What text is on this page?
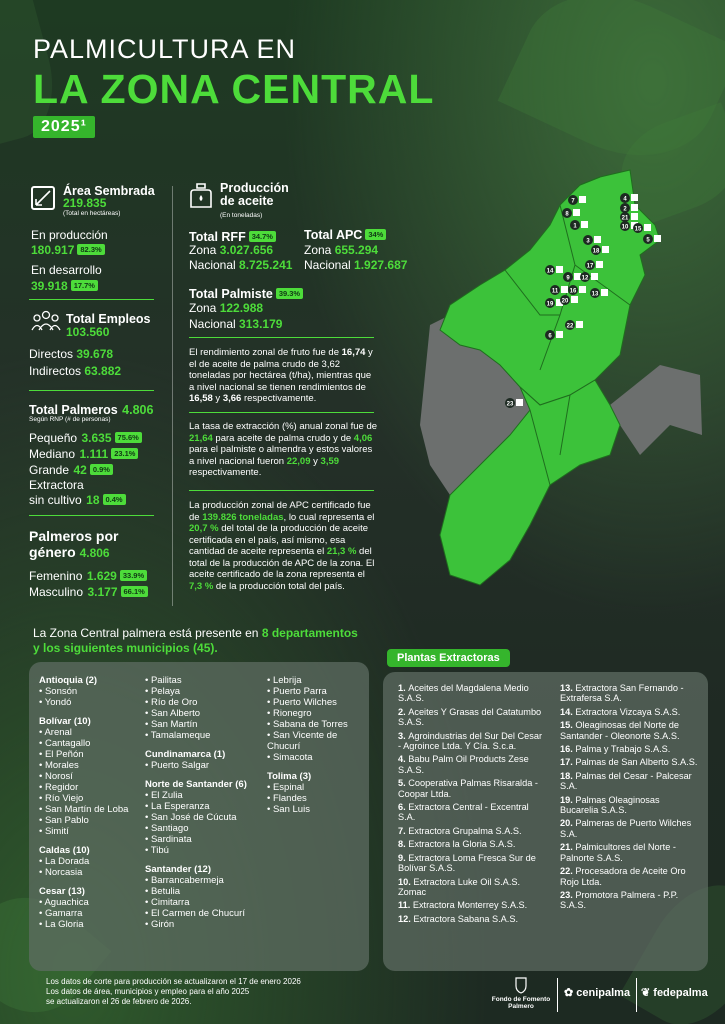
PALMICULTURA EN
LA ZONA CENTRAL
2025¹
Área Sembrada
219.835
(Total en hectáreas)
En producción
180.917 82.3%
En desarrollo
39.918 17.7%
Total Empleos
103.560
Directos 39.678
Indirectos 63.882
Total Palmeros 4.806
Según RNP (# de personas)
Pequeño 3.635 75.6%
Mediano 1.111 23.1%
Grande 42 0.9%
Extractora
sin cultivo 18 0.4%
Palmeros por
género 4.806
Femenino 1.629 33.9%
Masculino 3.177 66.1%
Producción
de aceite
(En toneladas)
Total RFF 34.7%
Zona 3.027.656
Nacional 8.725.241
Total APC 34%
Zona 655.294
Nacional 1.927.687
Total Palmiste 39.3%
Zona 122.988
Nacional 313.179
El rendimiento zonal de fruto fue de 16,74 y el de aceite de palma crudo de 3,62 toneladas por hectárea (t/ha), mientras que a nivel nacional se tienen rendimientos de 16,58 y 3,66 respectivamente.
La tasa de extracción (%) anual zonal fue de 21,64 para aceite de palma crudo y de 4,06 para el palmiste o almendra y estos valores a nivel nacional fueron 22,09 y 3,59 respectivamente.
La producción zonal de APC certificado fue de 139.826 toneladas, lo cual representa el 20,7 % del total de la producción de aceite certificada en el país, así mismo, esa cantidad de aceite representa el 21,3 % del total de la producción de APC de la zona. El aceite certificado de la zona representa el 7,3 % de la producción total del país.
7
8
1
4
2
21
10 15
5
3
18
17
14
9
11 16
19 20
12
13
22
6
23
La Zona Central palmera está presente en 8 departamentos
y los siguientes municipios (45).
Antioquia (2)
• Sonsón
• Yondó
Bolívar (10)
• Arenal
• Cantagallo
• El Peñón
• Morales
• Norosí
• Regidor
• Río Viejo
• San Martín de Loba
• San Pablo
• Simití
Caldas (10)
• La Dorada
• Norcasia
Cesar (13)
• Aguachica
• Gamarra
• La Gloria
• Pailitas
• Pelaya
• Río de Oro
• San Alberto
• San Martín
• Tamalameque
Cundinamarca (1)
• Puerto Salgar
Norte de Santander (6)
• El Zulia
• La Esperanza
• San José de Cúcuta
• Santiago
• Sardinata
• Tibú
Santander (12)
• Barrancabermeja
• Betulia
• Cimitarra
• El Carmen de Chucurí
• Girón
• Lebrija
• Puerto Parra
• Puerto Wilches
• Rionegro
• Sabana de Torres
• San Vicente de Chucurí
• Simacota
Tolima (3)
• Espinal
• Flandes
• San Luis
Plantas Extractoras
1. Aceites del Magdalena Medio S.A.S.
2. Aceites Y Grasas del Catatumbo S.A.S.
3. Agroindustrias del Sur Del Cesar - Agroince Ltda. Y Cía. S.c.a.
4. Babu Palm Oil Products Zese S.A.S.
5. Cooperativa Palmas Risaralda - Coopar Ltda.
6. Extractora Central - Excentral S.A.
7. Extractora Grupalma S.A.S.
8. Extractora la Gloria S.A.S.
9. Extractora Loma Fresca Sur de Bolívar S.A.S.
10. Extractora Luke Oil S.A.S. Zomac
11. Extractora Monterrey S.A.S.
12. Extractora Sabana S.A.S.
13. Extractora San Fernando - Extrafersa S.A.
14. Extractora Vizcaya S.A.S.
15. Oleaginosas del Norte de Santander - Oleonorte S.A.S.
16. Palma y Trabajo S.A.S.
17. Palmas de San Alberto S.A.S.
18. Palmas del Cesar - Palcesar S.A.
19. Palmas Oleaginosas Bucarelia S.A.S.
20. Palmeras de Puerto Wilches S.A.
21. Palmicultores del Norte - Palnorte S.A.S.
22. Procesadora de Aceite Oro Rojo Ltda.
23. Promotora Palmera - P.P. S.A.S.
Los datos de corte para producción se actualizaron el 17 de enero 2026
Los datos de área, municipios y empleo para el año 2025
se actualizaron el 26 de febrero de 2026.	Fondo de Fomento
Palmero
✿ cenipalma ❦ fedepalma
